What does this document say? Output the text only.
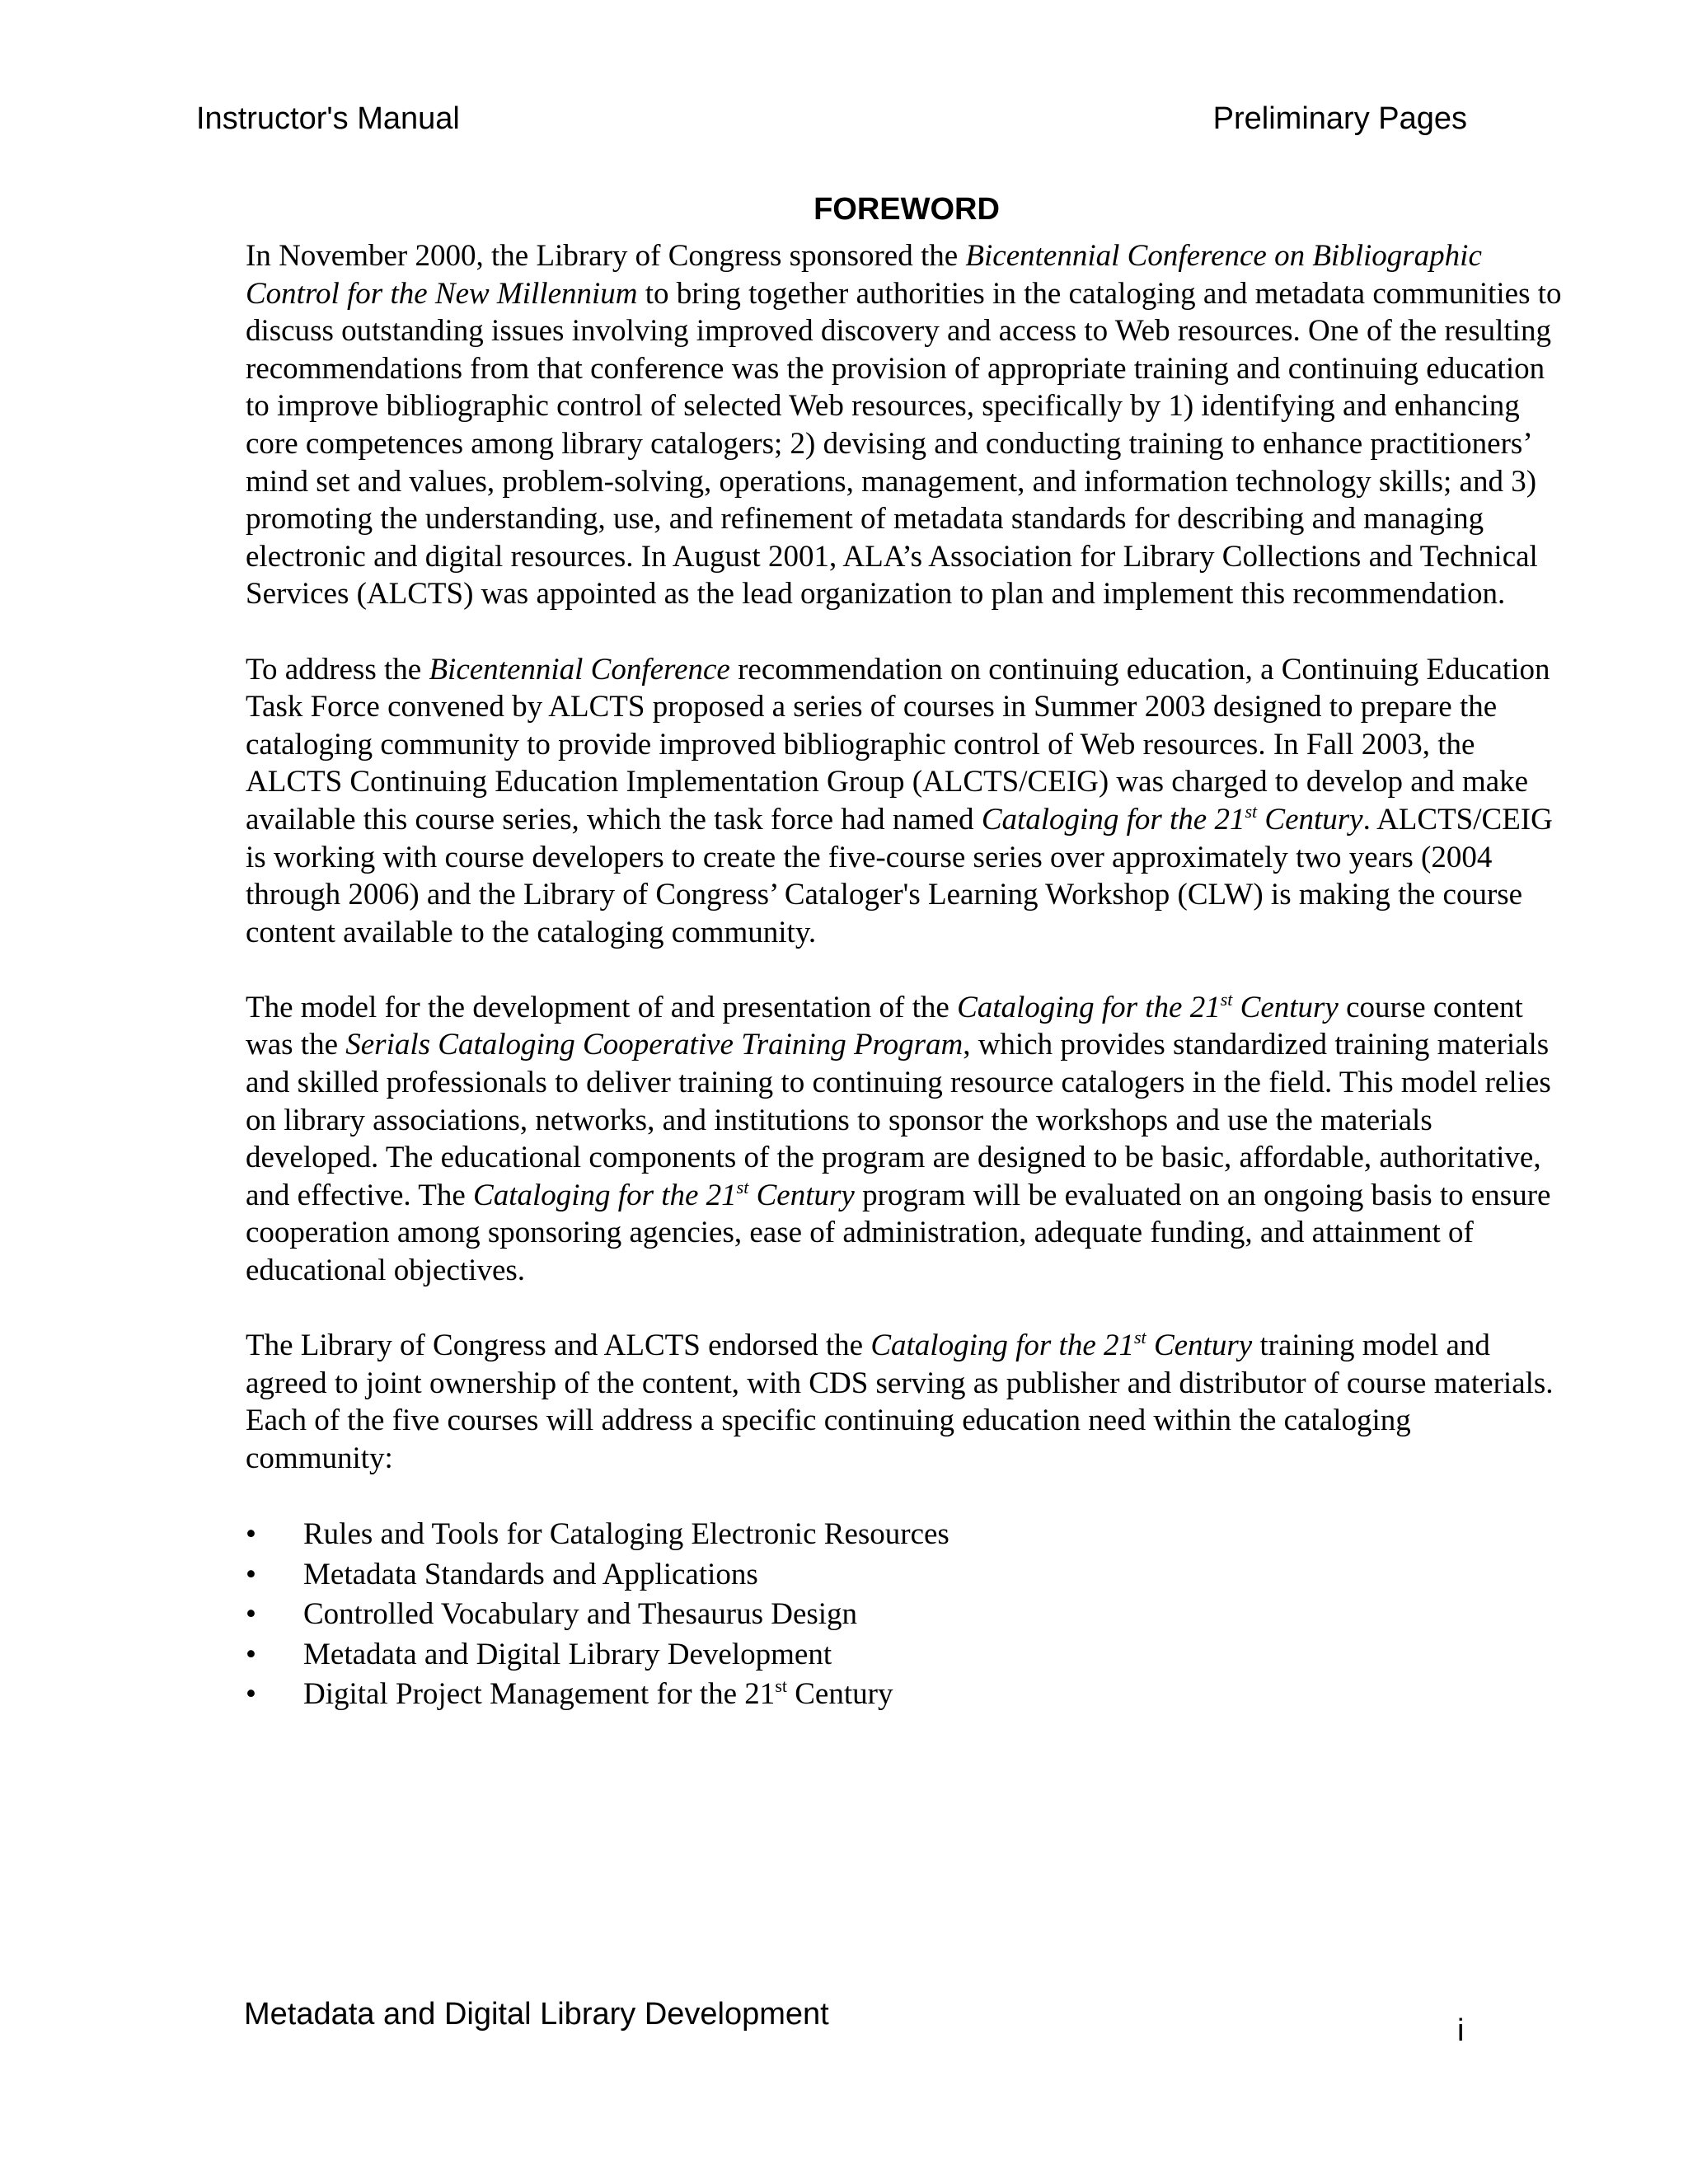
Instructor's Manual	Preliminary Pages
FOREWORD

In November 2000, the Library of Congress sponsored the Bicentennial Conference on Bibliographic Control for the New Millennium to bring together authorities in the cataloging and metadata communities to discuss outstanding issues involving improved discovery and access to Web resources. One of the resulting recommendations from that conference was the provision of appropriate training and continuing education to improve bibliographic control of selected Web resources, specifically by 1) identifying and enhancing core competences among library catalogers; 2) devising and conducting training to enhance practitioners’ mind set and values, problem-solving, operations, management, and information technology skills; and 3) promoting the understanding, use, and refinement of metadata standards for describing and managing electronic and digital resources. In August 2001, ALA’s Association for Library Collections and Technical Services (ALCTS) was appointed as the lead organization to plan and implement this recommendation.

To address the Bicentennial Conference recommendation on continuing education, a Continuing Education Task Force convened by ALCTS proposed a series of courses in Summer 2003 designed to prepare the cataloging community to provide improved bibliographic control of Web resources. In Fall 2003, the ALCTS Continuing Education Implementation Group (ALCTS/CEIG) was charged to develop and make available this course series, which the task force had named Cataloging for the 21st Century. ALCTS/CEIG is working with course developers to create the five-course series over approximately two years (2004 through 2006) and the Library of Congress’ Cataloger's Learning Workshop (CLW) is making the course content available to the cataloging community.

The model for the development of and presentation of the Cataloging for the 21st Century course content was the Serials Cataloging Cooperative Training Program, which provides standardized training materials and skilled professionals to deliver training to continuing resource catalogers in the field. This model relies on library associations, networks, and institutions to sponsor the workshops and use the materials developed. The educational components of the program are designed to be basic, affordable, authoritative, and effective. The Cataloging for the 21st Century program will be evaluated on an ongoing basis to ensure cooperation among sponsoring agencies, ease of administration, adequate funding, and attainment of educational objectives.

The Library of Congress and ALCTS endorsed the Cataloging for the 21st Century training model and agreed to joint ownership of the content, with CDS serving as publisher and distributor of course materials. Each of the five courses will address a specific continuing education need within the cataloging community:

• Rules and Tools for Cataloging Electronic Resources
• Metadata Standards and Applications
• Controlled Vocabulary and Thesaurus Design
• Metadata and Digital Library Development
• Digital Project Management for the 21st Century
Metadata and Digital Library Development	i
